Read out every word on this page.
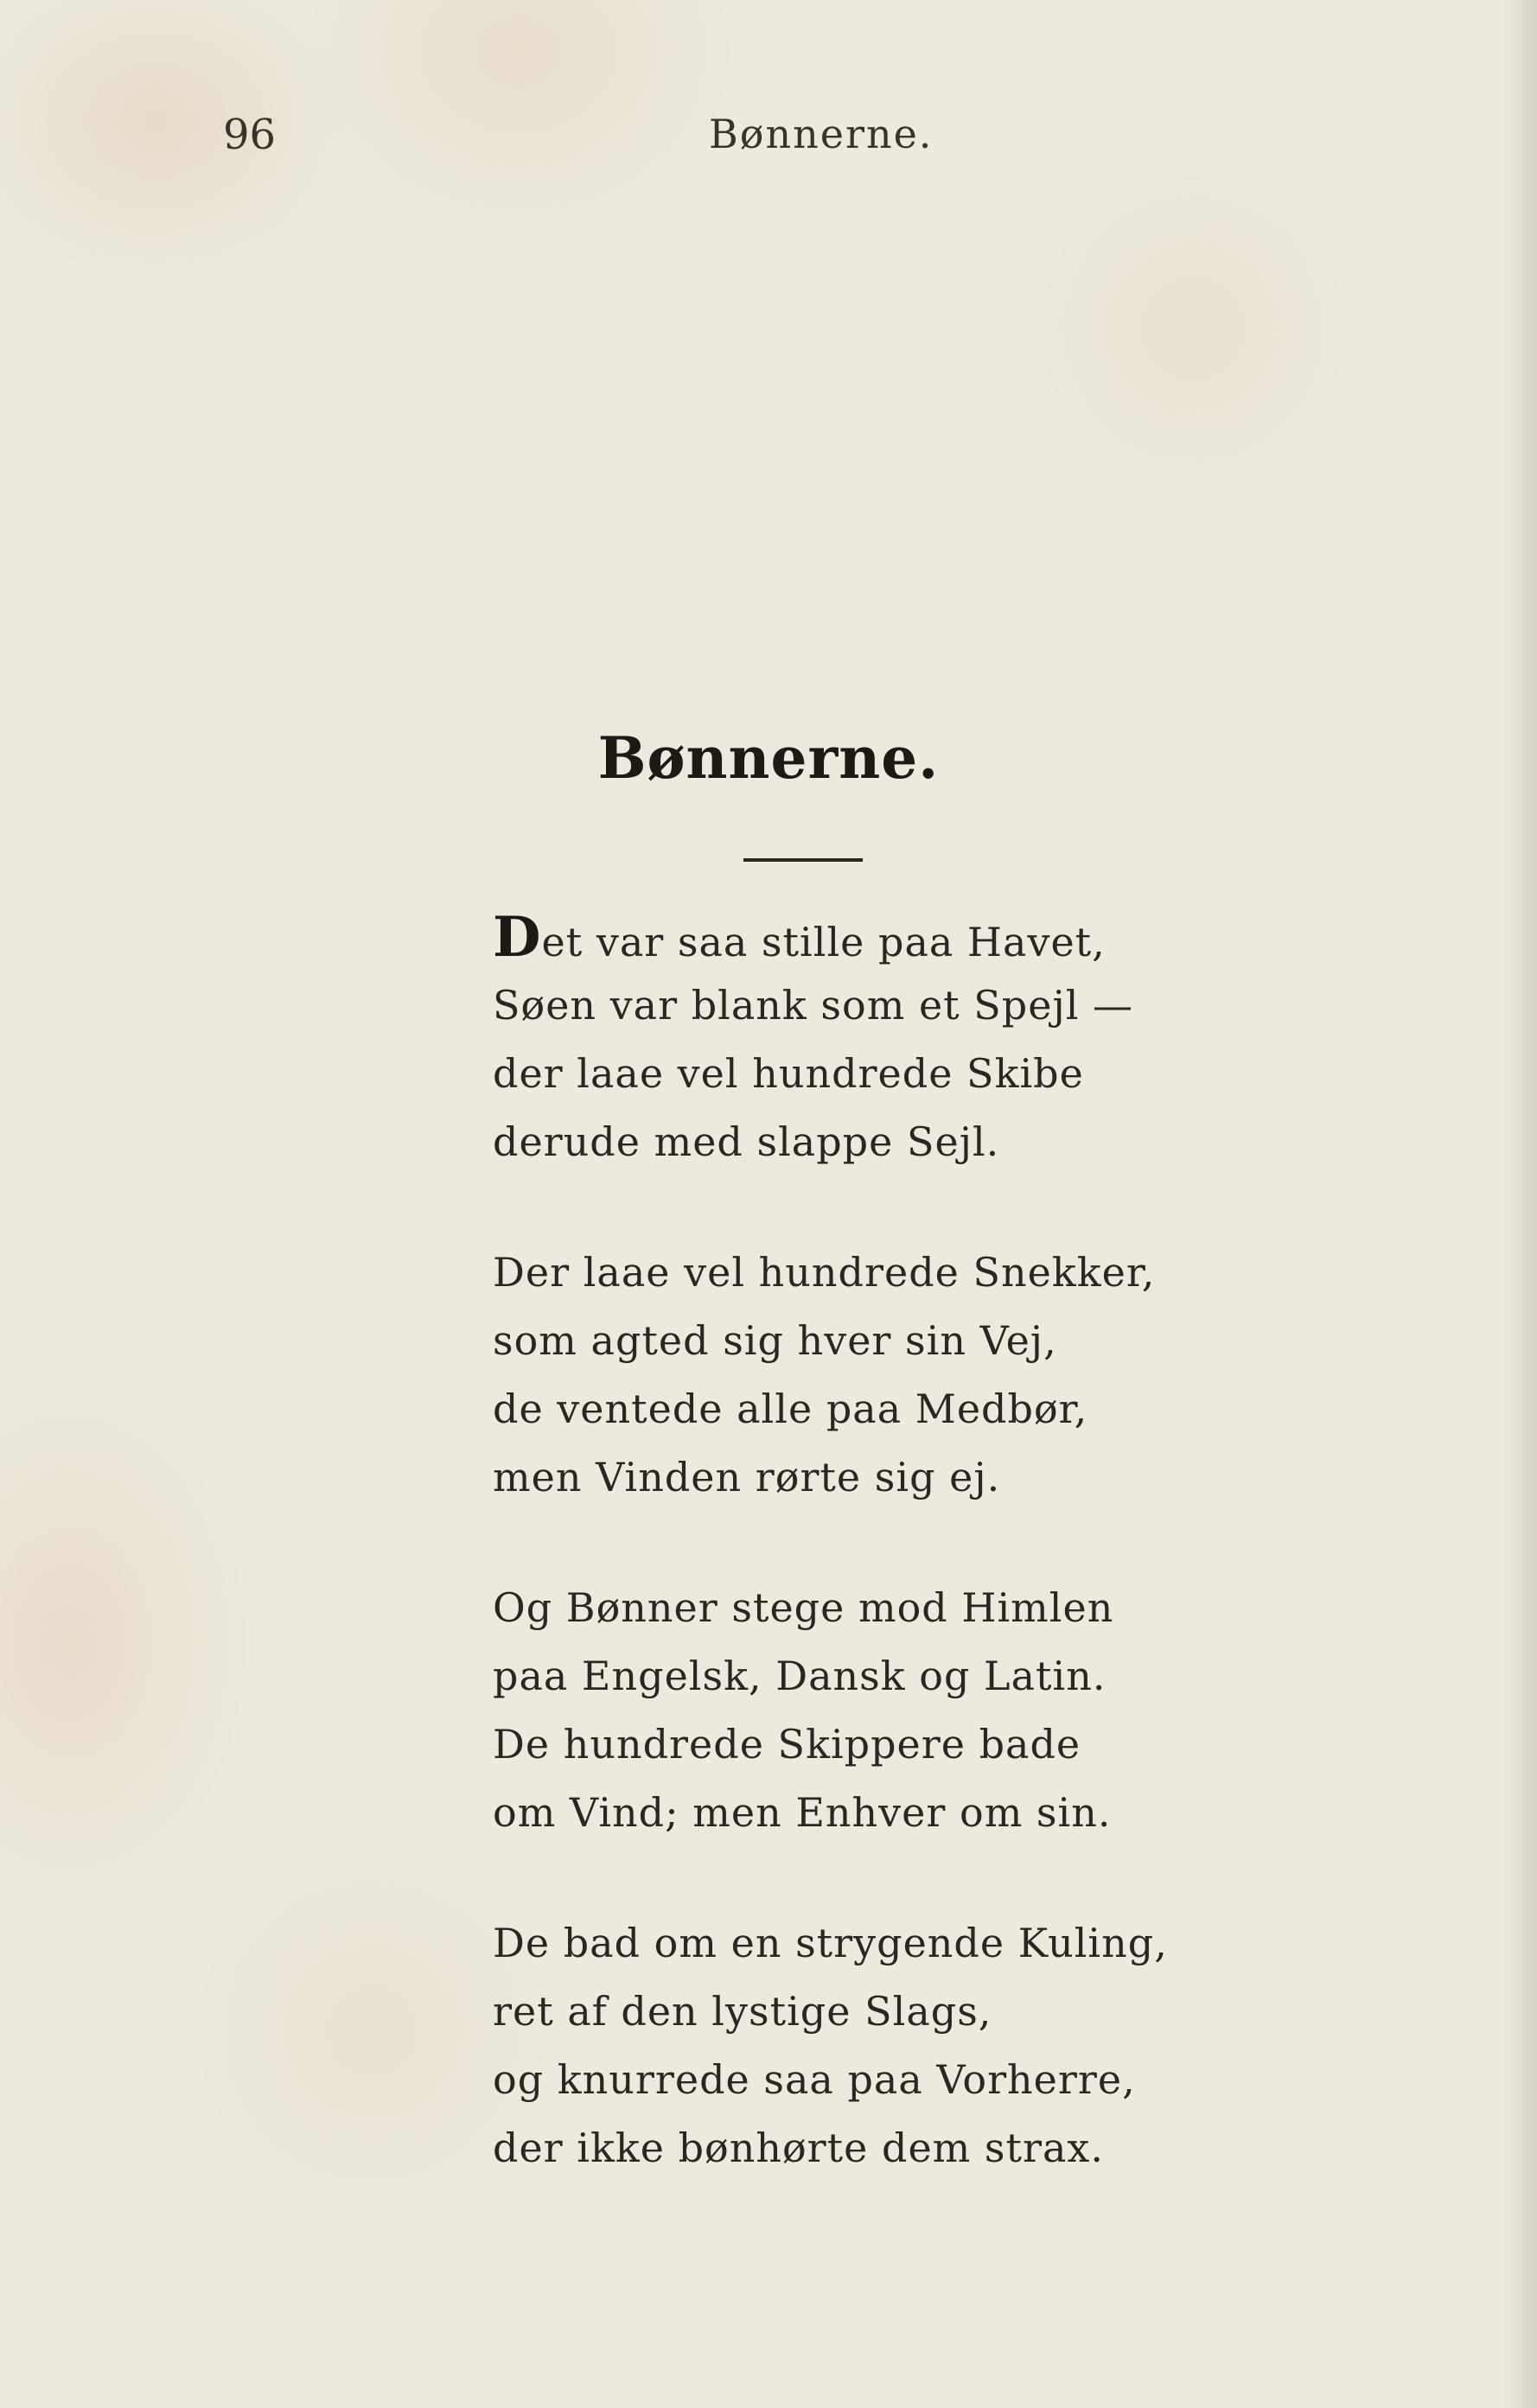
96	Bønnerne.
Bønnerne.
Det var saa stille paa Havet,
Søen var blank som et Spejl —
der laae vel hundrede Skibe
derude med slappe Sejl.
Der laae vel hundrede Snekker,
som agted sig hver sin Vej,
de ventede alle paa Medbør,
men Vinden rørte sig ej.
Og Bønner stege mod Himlen
paa Engelsk, Dansk og Latin.
De hundrede Skippere bade
om Vind; men Enhver om sin.
De bad om en strygende Kuling,
ret af den lystige Slags,
og knurrede saa paa Vorherre,
der ikke bønhørte dem strax.
